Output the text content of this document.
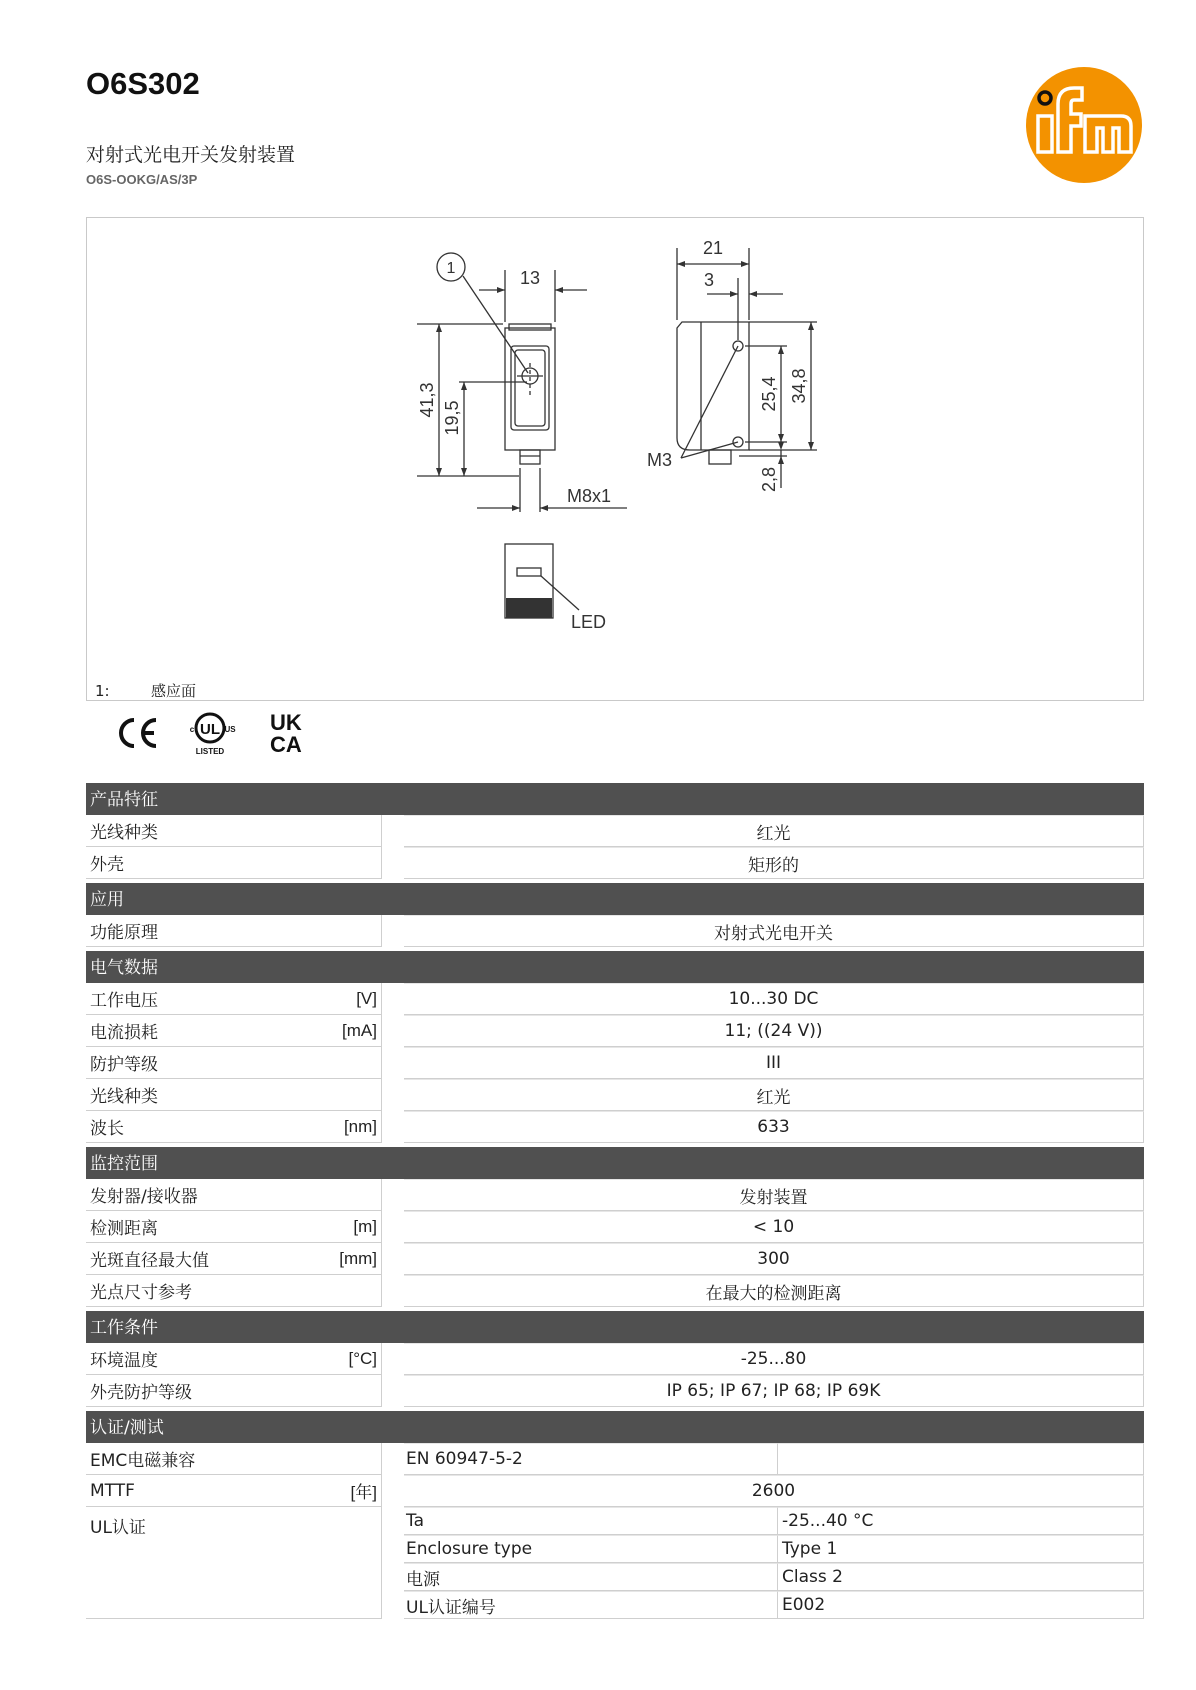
O6S302
对射式光电开关发射装置
O6S-OOKG/AS/3P
1	13
21
3
41,3
19,5
25,4 34,8
2,8
M3
M8x1
LED
1:	感应面
UL
c	US
LISTED
UK
CA
产品特征
光线种类	红光
外壳	矩形的
应用
功能原理	对射式光电开关
电气数据
工作电压	[V]	10...30 DC
电流损耗	[mA]	11; ((24 V))
防护等级	III
光线种类	红光
波长	[nm]	633
监控范围
发射器/接收器	发射装置
检测距离	[m]	< 10
光斑直径最大值	[mm]	300
光点尺寸参考	在最大的检测距离
工作条件
环境温度	[°C]	-25...80
外壳防护等级	IP 65; IP 67; IP 68; IP 69K
认证/测试
EMC电磁兼容	EN 60947-5-2
MTTF	[年]	2600
UL认证	Ta	-25...40 °C
Enclosure type	Type 1
电源	Class 2
UL认证编号	E002
